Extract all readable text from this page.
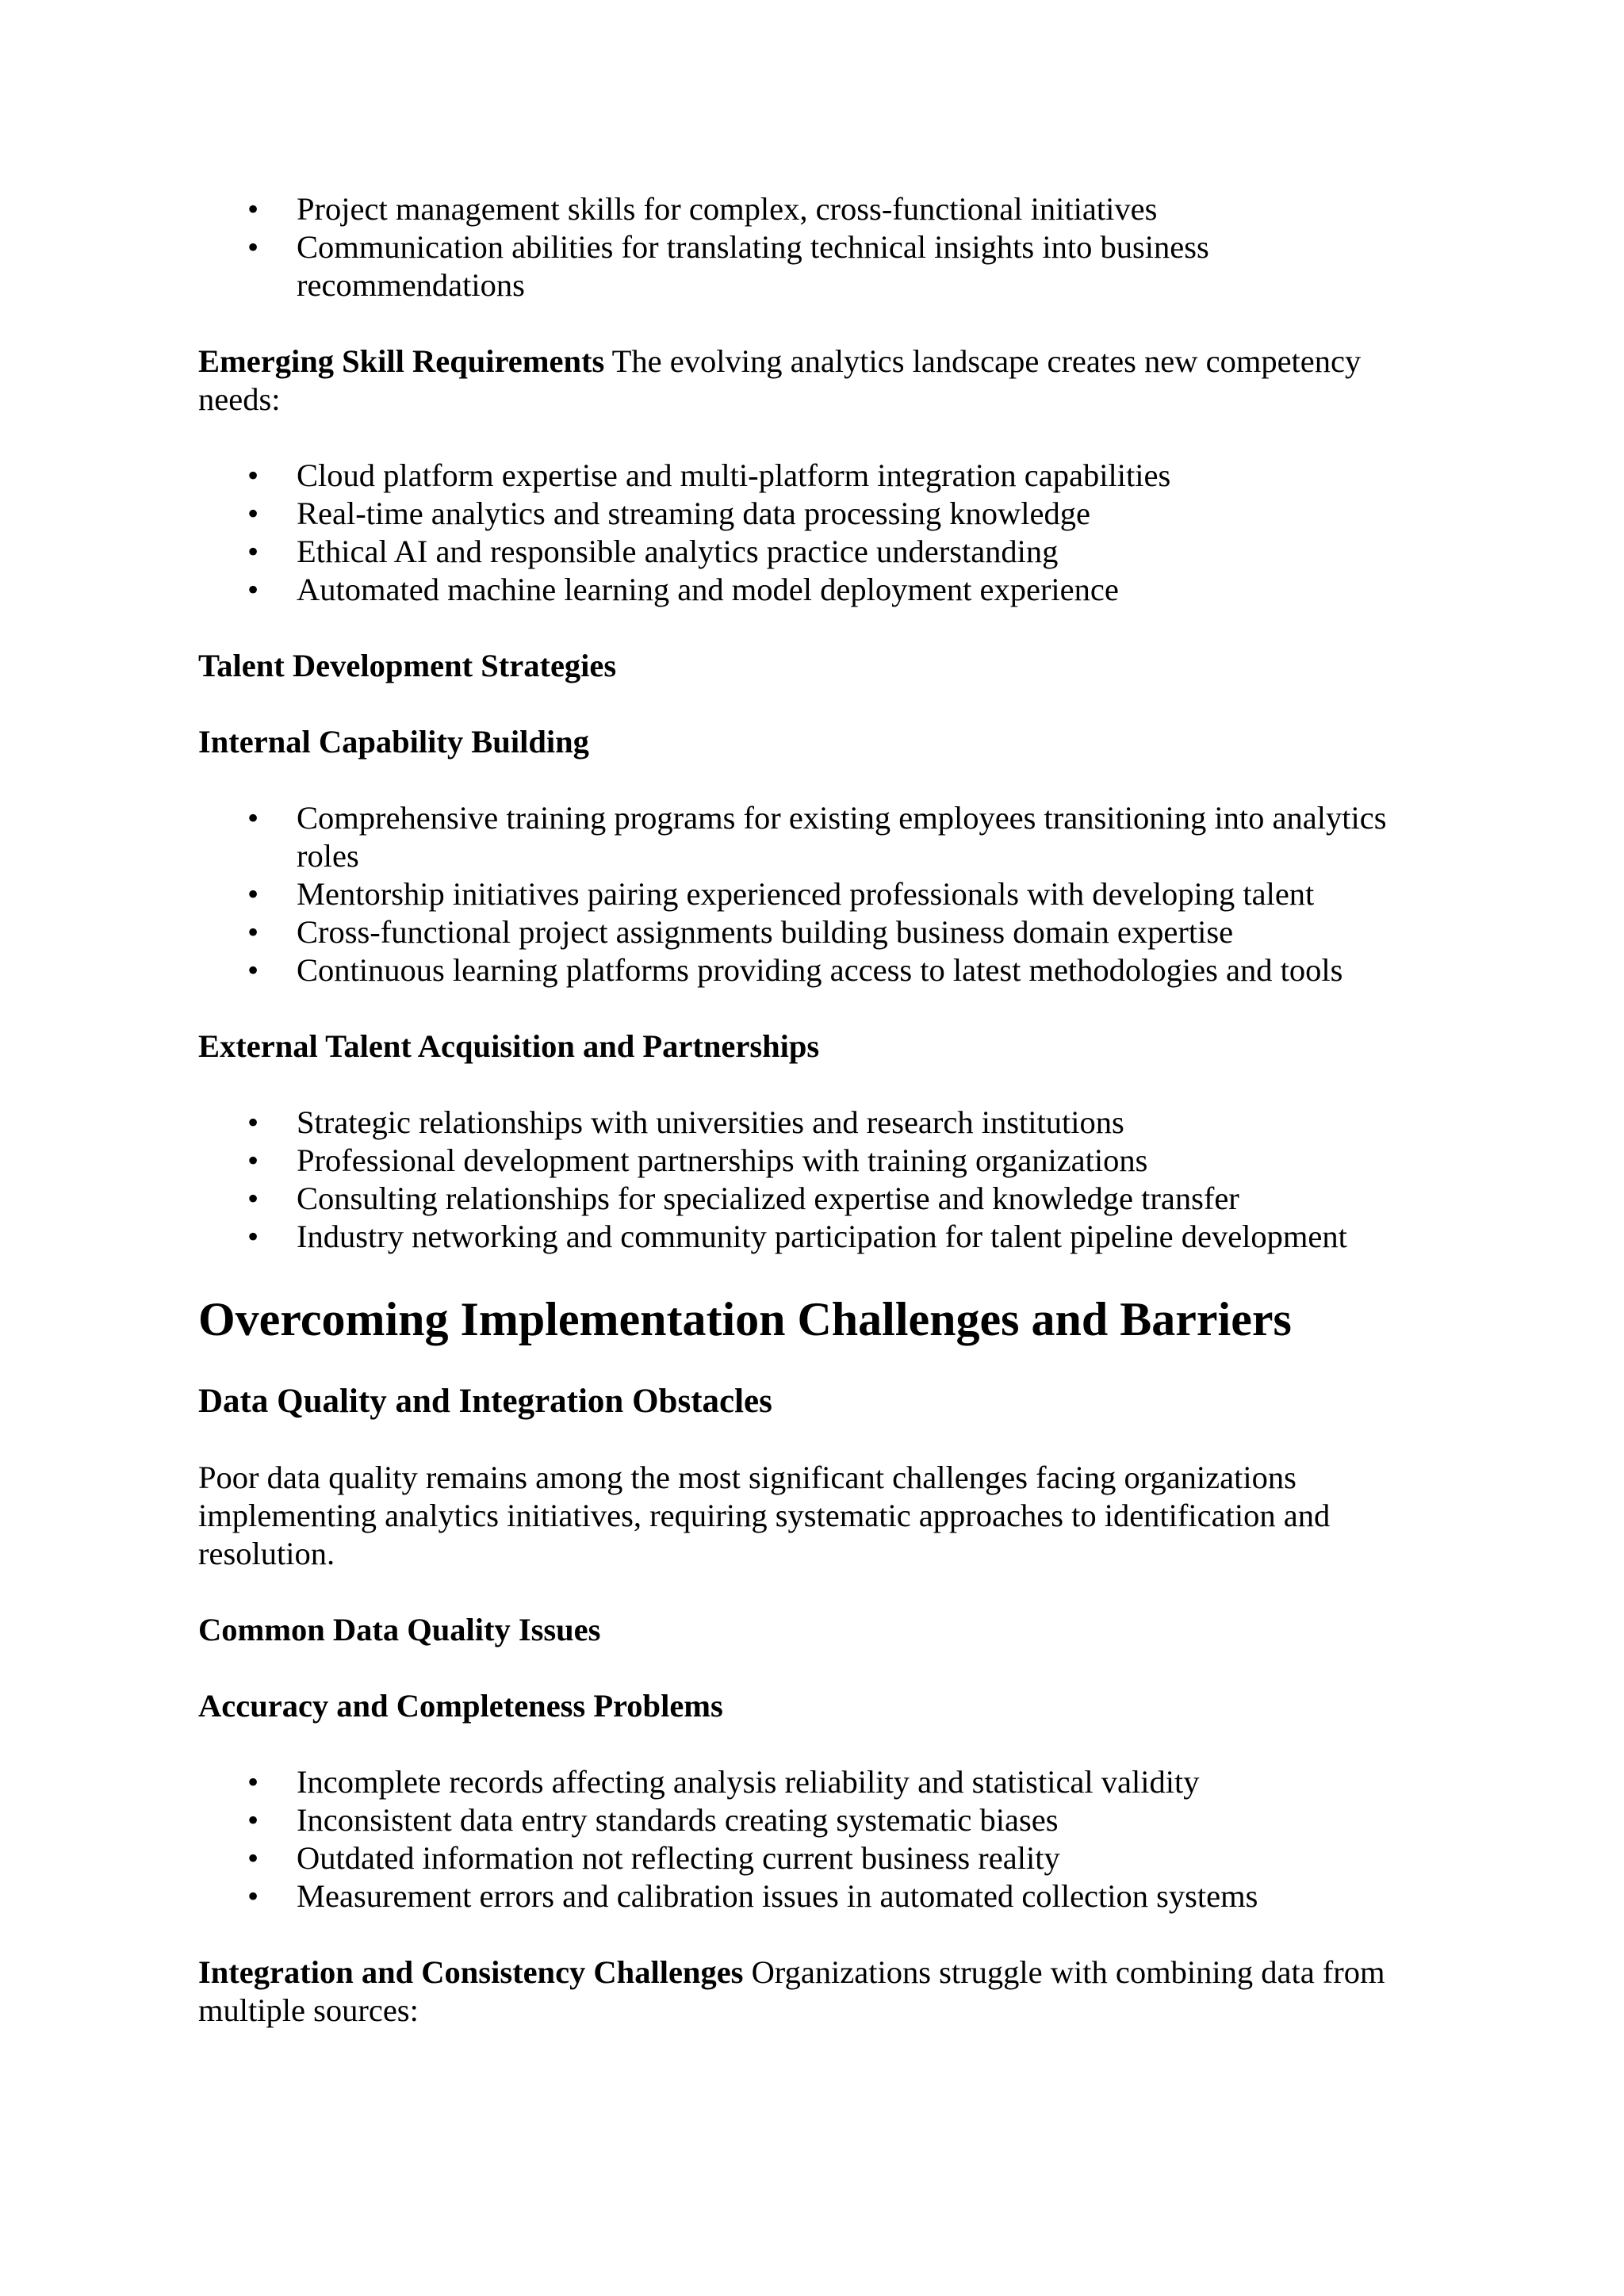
• Project management skills for complex, cross-functional initiatives
• Communication abilities for translating technical insights into business recommendations

Emerging Skill Requirements The evolving analytics landscape creates new competency needs:

• Cloud platform expertise and multi-platform integration capabilities
• Real-time analytics and streaming data processing knowledge
• Ethical AI and responsible analytics practice understanding
• Automated machine learning and model deployment experience

Talent Development Strategies

Internal Capability Building

• Comprehensive training programs for existing employees transitioning into analytics roles
• Mentorship initiatives pairing experienced professionals with developing talent
• Cross-functional project assignments building business domain expertise
• Continuous learning platforms providing access to latest methodologies and tools

External Talent Acquisition and Partnerships

• Strategic relationships with universities and research institutions
• Professional development partnerships with training organizations
• Consulting relationships for specialized expertise and knowledge transfer
• Industry networking and community participation for talent pipeline development
Overcoming Implementation Challenges and Barriers
Data Quality and Integration Obstacles

Poor data quality remains among the most significant challenges facing organizations implementing analytics initiatives, requiring systematic approaches to identification and resolution.

Common Data Quality Issues

Accuracy and Completeness Problems

• Incomplete records affecting analysis reliability and statistical validity
• Inconsistent data entry standards creating systematic biases
• Outdated information not reflecting current business reality
• Measurement errors and calibration issues in automated collection systems

Integration and Consistency Challenges Organizations struggle with combining data from multiple sources:
